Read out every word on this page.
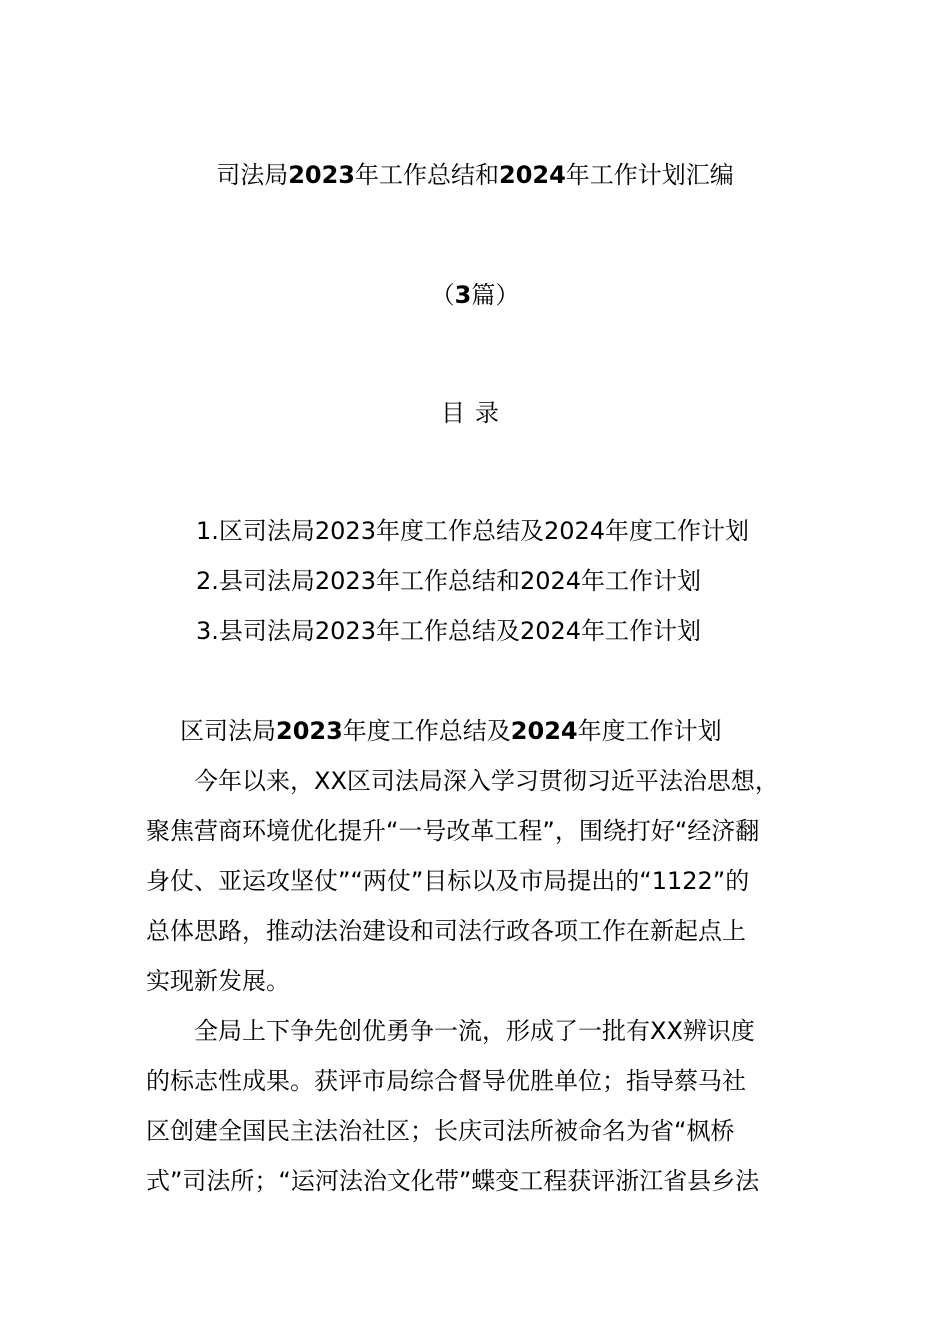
司法局2023年工作总结和2024年工作计划汇编
（3篇）
目录
1.区司法局2023年度工作总结及2024年度工作计划
2.县司法局2023年工作总结和2024年工作计划
3.县司法局2023年工作总结及2024年工作计划
区司法局2023年度工作总结及2024年度工作计划
今年以来，XX区司法局深入学习贯彻习近平法治思想，
聚焦营商环境优化提升“一号改革工程”，围绕打好“经济翻
身仗、亚运攻坚仗”“两仗”目标以及市局提出的“1122”的
总体思路，推动法治建设和司法行政各项工作在新起点上
实现新发展。
全局上下争先创优勇争一流，形成了一批有XX辨识度
的标志性成果。获评市局综合督导优胜单位；指导蔡马社
区创建全国民主法治社区；长庆司法所被命名为省“枫桥
式”司法所；“运河法治文化带”蝶变工程获评浙江省县乡法
